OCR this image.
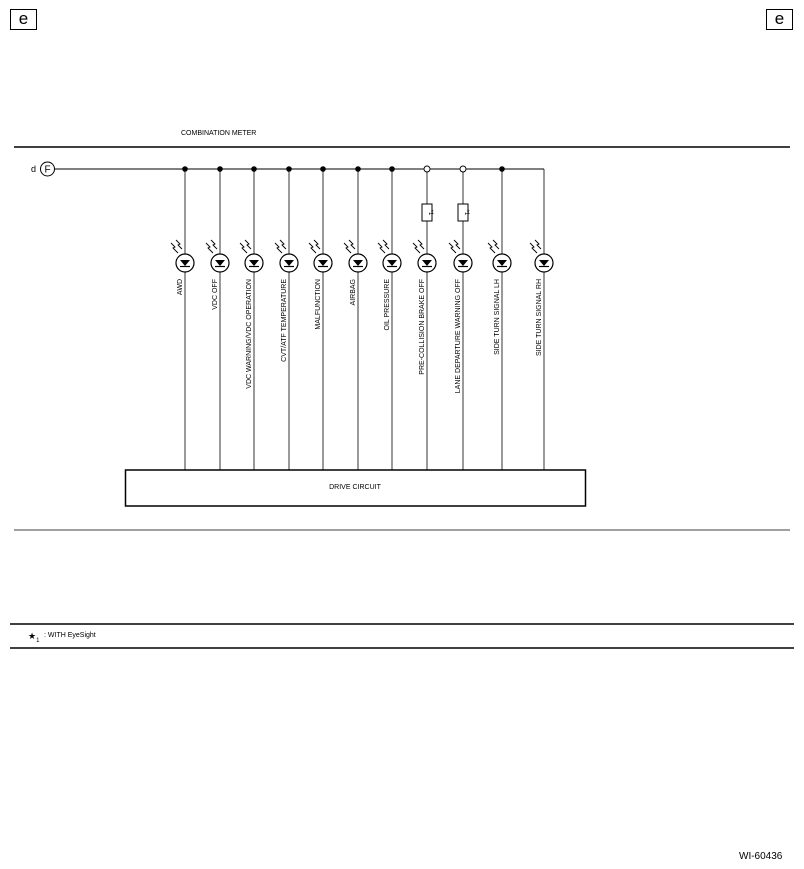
e	e
COMBINATION METER
d F
AWD	VDC OFF	VDC WARNING/VDC OPERATION	CVT/ATF TEMPERATURE	MALFUNCTION	AIRBAG	OIL PRESSURE
*1
PRE-COLLISION BRAKE OFF
*1
LANE DEPARTURE WARNING OFF	SIDE TURN SIGNAL LH	SIDE TURN SIGNAL RH
DRIVE CIRCUIT
$★_1$
: WITH EyeSight
WI-60436
